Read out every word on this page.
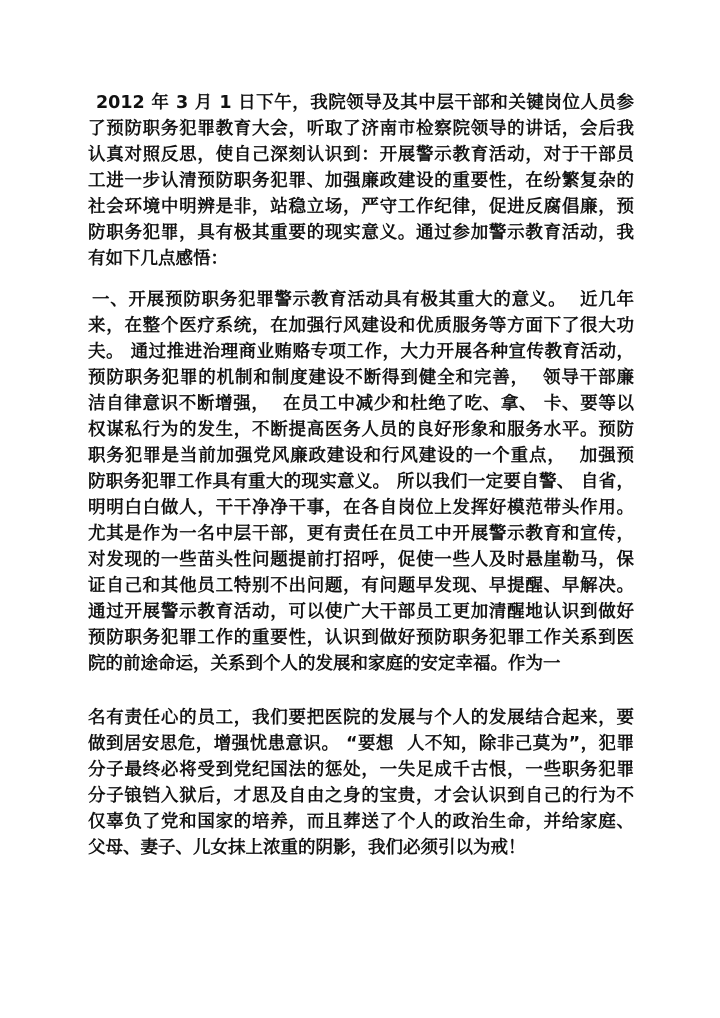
2012 年 3 月 1 日下午，我院领导及其中层干部和关键岗位人员参
了预防职务犯罪教育大会，听取了济南市检察院领导的讲话，会后我
认真对照反思，使自己深刻认识到：开展警示教育活动，对于干部员
工进一步认清预防职务犯罪、加强廉政建设的重要性，在纷繁复杂的
社会环境中明辨是非，站稳立场，严守工作纪律，促进反腐倡廉，预
防职务犯罪，具有极其重要的现实意义。通过参加警示教育活动，我
有如下几点感悟：
一、开展预防职务犯罪警示教育活动具有极其重大的意义。  近几年
来，在整个医疗系统，在加强行风建设和优质服务等方面下了很大功
夫。 通过推进治理商业贿赂专项工作，大力开展各种宣传教育活动，
预防职务犯罪的机制和制度建设不断得到健全和完善，  领导干部廉
洁自律意识不断增强，  在员工中减少和杜绝了吃、拿、 卡、要等以
权谋私行为的发生，不断提高医务人员的良好形象和服务水平。预防
职务犯罪是当前加强党风廉政建设和行风建设的一个重点，  加强预
防职务犯罪工作具有重大的现实意义。 所以我们一定要自警、 自省，
明明白白做人，干干净净干事，在各自岗位上发挥好模范带头作用。
尤其是作为一名中层干部，更有责任在员工中开展警示教育和宣传，
对发现的一些苗头性问题提前打招呼，促使一些人及时悬崖勒马，保
证自己和其他员工特别不出问题，有问题早发现、早提醒、早解决。
通过开展警示教育活动，可以使广大干部员工更加清醒地认识到做好
预防职务犯罪工作的重要性，认识到做好预防职务犯罪工作关系到医
院的前途命运，关系到个人的发展和家庭的安定幸福。作为一
名有责任心的员工，我们要把医院的发展与个人的发展结合起来，要
做到居安思危，增强忧患意识。 “要想  人不知，除非己莫为”，犯罪
分子最终必将受到党纪国法的惩处，一失足成千古恨，一些职务犯罪
分子锒铛入狱后，才思及自由之身的宝贵，才会认识到自己的行为不
仅辜负了党和国家的培养，而且葬送了个人的政治生命，并给家庭、
父母、妻子、儿女抹上浓重的阴影，我们必须引以为戒！
